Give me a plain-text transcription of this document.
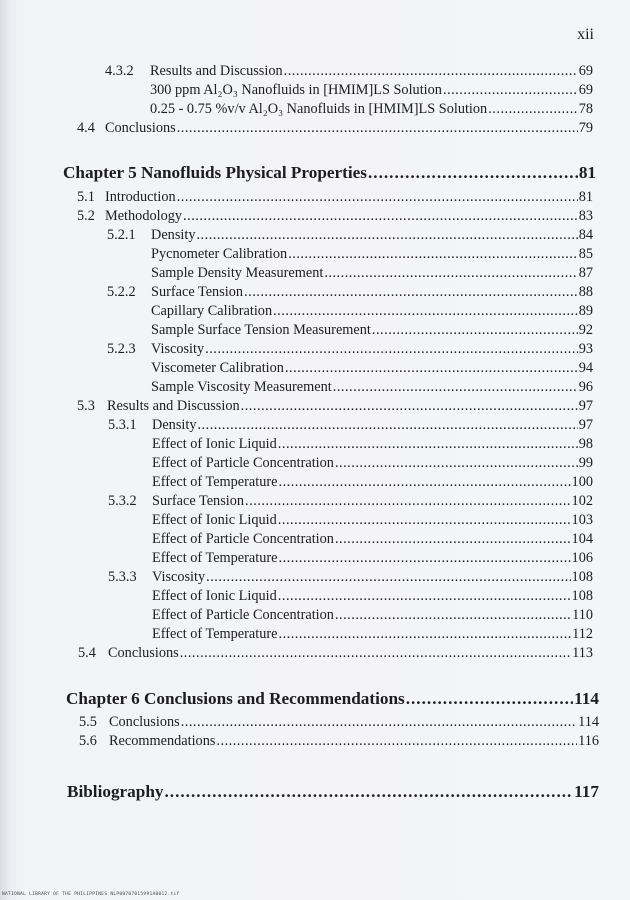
xii
4.3.2	Results and Discussion .....	69
300 ppm Al₂O₃ Nanofluids in [HMIM]LS Solution .....	69
0.25 - 0.75 %v/v Al₂O₃ Nanofluids in [HMIM]LS Solution .....	78
4.4 Conclusions .....	79
Chapter 5 Nanofluids Physical Properties .....	81
5.1 Introduction .....	81
5.2 Methodology .....	83
5.2.1	Density .....	84
Pycnometer Calibration .....	85
Sample Density Measurement .....	87
5.2.2	Surface Tension .....	88
Capillary Calibration .....	89
Sample Surface Tension Measurement .....	92
5.2.3	Viscosity .....	93
Viscometer Calibration .....	94
Sample Viscosity Measurement .....	96
5.3 Results and Discussion .....	97
5.3.1	Density .....	97
Effect of Ionic Liquid .....	98
Effect of Particle Concentration .....	99
Effect of Temperature .....	100
5.3.2	Surface Tension .....	102
Effect of Ionic Liquid .....	103
Effect of Particle Concentration .....	104
Effect of Temperature .....	106
5.3.3	Viscosity .....	108
Effect of Ionic Liquid .....	108
Effect of Particle Concentration .....	110
Effect of Temperature .....	112
5.4 Conclusions .....	113
Chapter 6 Conclusions and Recommendations .....	114
5.5 Conclusions .....	114
5.6 Recommendations .....	116
Bibliography .....	117
NATIONAL LIBRARY OF THE PHILIPPINES NLP00707015991A0012.tif
